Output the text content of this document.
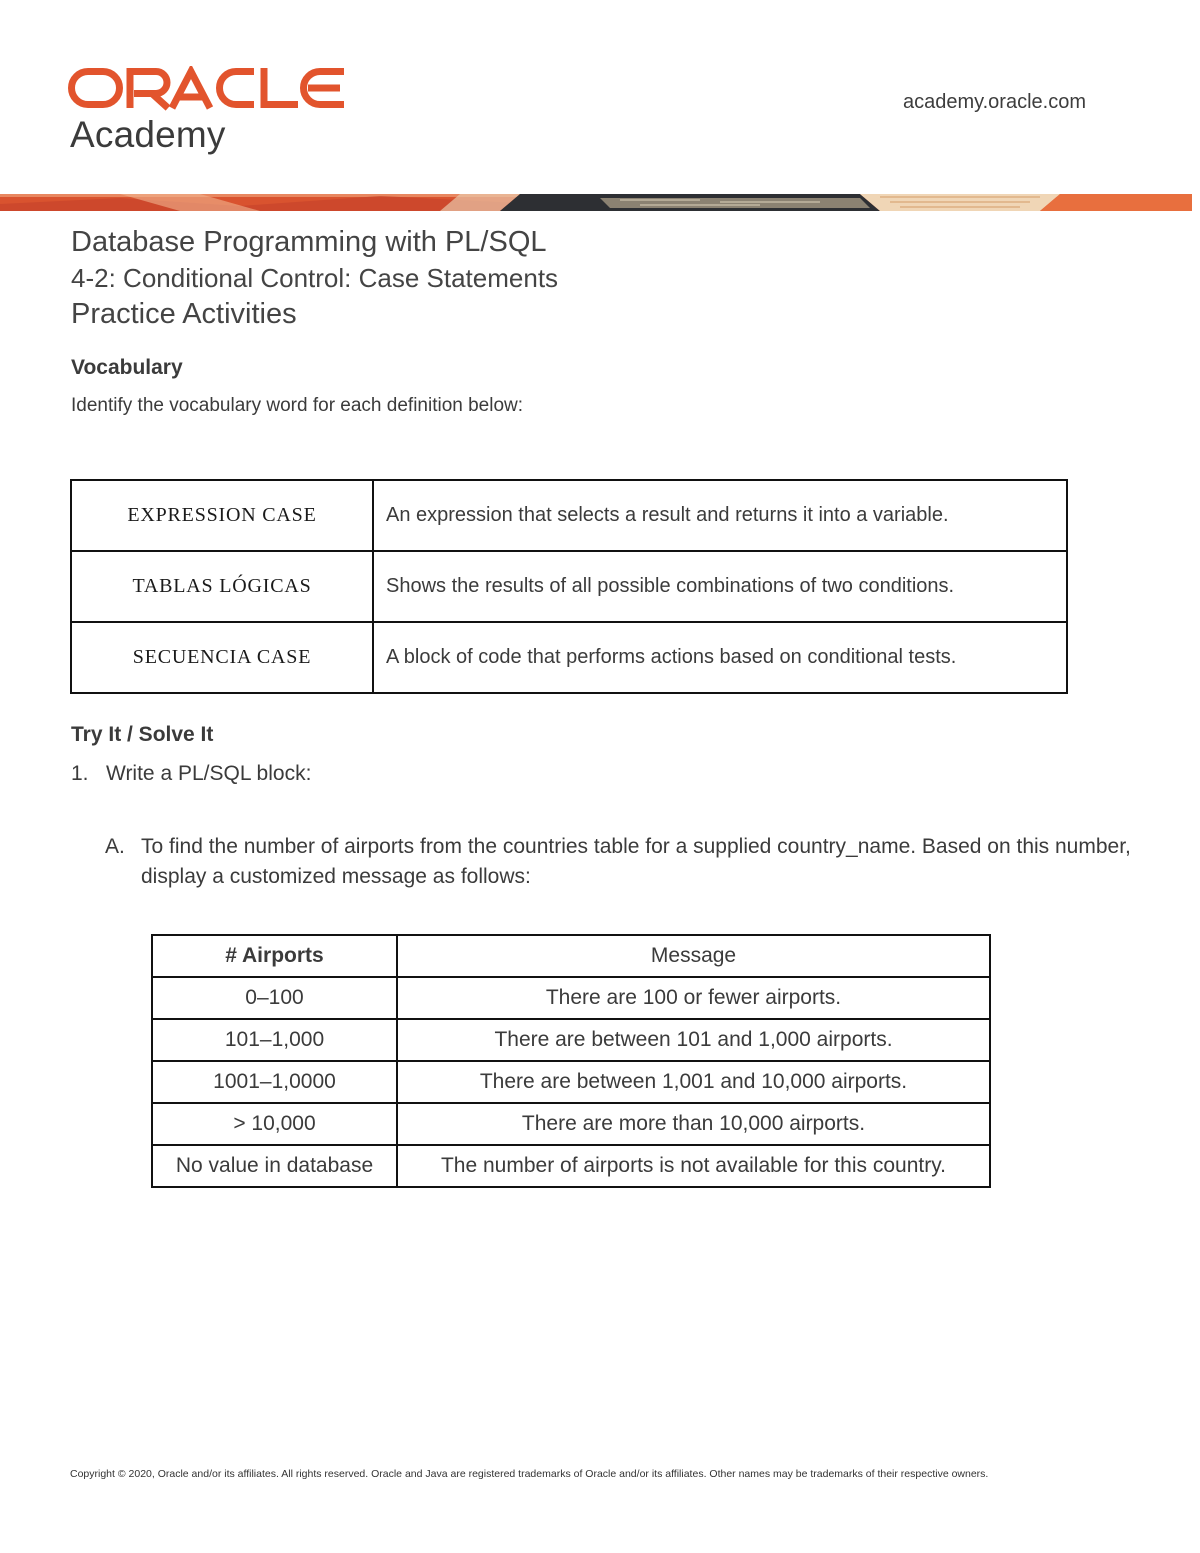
Academy
academy.oracle.com
Database Programming with PL/SQL
4-2: Conditional Control: Case Statements
Practice Activities
Vocabulary
Identify the vocabulary word for each definition below:
EXPRESSION CASE	An expression that selects a result and returns it into a variable.
TABLAS LÓGICAS	Shows the results of all possible combinations of two conditions.
SECUENCIA CASE	A block of code that performs actions based on conditional tests.
Try It / Solve It
1. Write a PL/SQL block:
A. To find the number of airports from the countries table for a supplied country_name. Based on this number, display a customized message as follows:
# Airports	Message
0–100	There are 100 or fewer airports.
101–1,000	There are between 101 and 1,000 airports.
1001–1,0000	There are between 1,001 and 10,000 airports.
> 10,000	There are more than 10,000 airports.
No value in database	The number of airports is not available for this country.
Copyright © 2020, Oracle and/or its affiliates. All rights reserved. Oracle and Java are registered trademarks of Oracle and/or its affiliates. Other names may be trademarks of their respective owners.
